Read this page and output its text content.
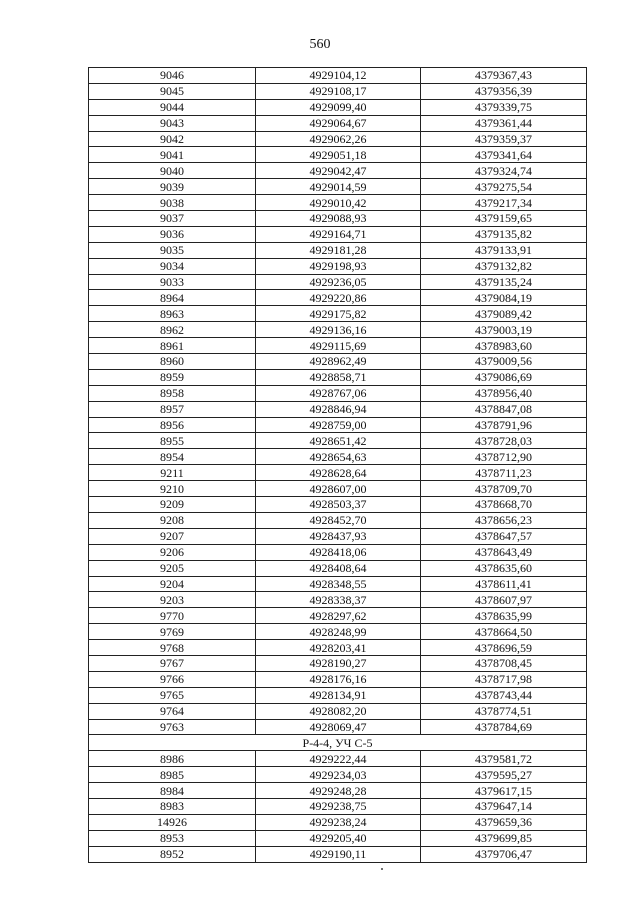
560
9046	4929104,12	4379367,43
9045	4929108,17	4379356,39
9044	4929099,40	4379339,75
9043	4929064,67	4379361,44
9042	4929062,26	4379359,37
9041	4929051,18	4379341,64
9040	4929042,47	4379324,74
9039	4929014,59	4379275,54
9038	4929010,42	4379217,34
9037	4929088,93	4379159,65
9036	4929164,71	4379135,82
9035	4929181,28	4379133,91
9034	4929198,93	4379132,82
9033	4929236,05	4379135,24
8964	4929220,86	4379084,19
8963	4929175,82	4379089,42
8962	4929136,16	4379003,19
8961	4929115,69	4378983,60
8960	4928962,49	4379009,56
8959	4928858,71	4379086,69
8958	4928767,06	4378956,40
8957	4928846,94	4378847,08
8956	4928759,00	4378791,96
8955	4928651,42	4378728,03
8954	4928654,63	4378712,90
9211	4928628,64	4378711,23
9210	4928607,00	4378709,70
9209	4928503,37	4378668,70
9208	4928452,70	4378656,23
9207	4928437,93	4378647,57
9206	4928418,06	4378643,49
9205	4928408,64	4378635,60
9204	4928348,55	4378611,41
9203	4928338,37	4378607,97
9770	4928297,62	4378635,99
9769	4928248,99	4378664,50
9768	4928203,41	4378696,59
9767	4928190,27	4378708,45
9766	4928176,16	4378717,98
9765	4928134,91	4378743,44
9764	4928082,20	4378774,51
9763	4928069,47	4378784,69
Р-4-4, УЧ С-5		
8986	4929222,44	4379581,72
8985	4929234,03	4379595,27
8984	4929248,28	4379617,15
8983	4929238,75	4379647,14
14926	4929238,24	4379659,36
8953	4929205,40	4379699,85
8952	4929190,11	4379706,47
